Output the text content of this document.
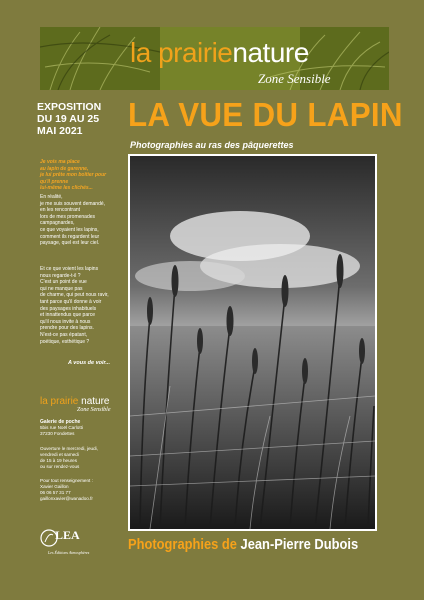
la prairienature
Zone Sensible
EXPOSITION
DU 19 AU 25
MAI 2021
Je vois ma place
au lapin de garenne,
je lui prête mon boîtier pour
qu'il prenne
lui-même les clichés...
En réalité,
je me suis souvent demandé,
en les rencontrant
lors de mes promenades
campagnardes,
ce que voyaient les lapins,
comment ils regardent leur
paysage, quel est leur ciel.
Et ce que voient les lapins
nous regarde-t-il ?
C'est un point de vue
qui ne manque pas
de charme, qui peut nous ravir,
tant parce qu'il donne à voir
des paysages inhabituels
et innattendus que parce
qu'il nous invite à nous
prendre pour des lapins.
N'est-ce pas épatant,
poétique, esthétique ?
A vous de voir...
la prairie nature
Zone Sensible
Galerie de poche
5bis rue Noël Carlotti
37230 Fondettes
Ouverture le mercredi, jeudi,
vendredi et samedi
de 15 à 19 heures
ou sur rendez-vous
Pour tout renseignement :
Xavier Gaillon
06 06 57 31 77
gaillonxavier@wanadoo.fr
LEA
Les Éditions Atmosphères
LA VUE DU LAPIN
Photographies au ras des pâquerettes
Photographies de Jean-Pierre Dubois
